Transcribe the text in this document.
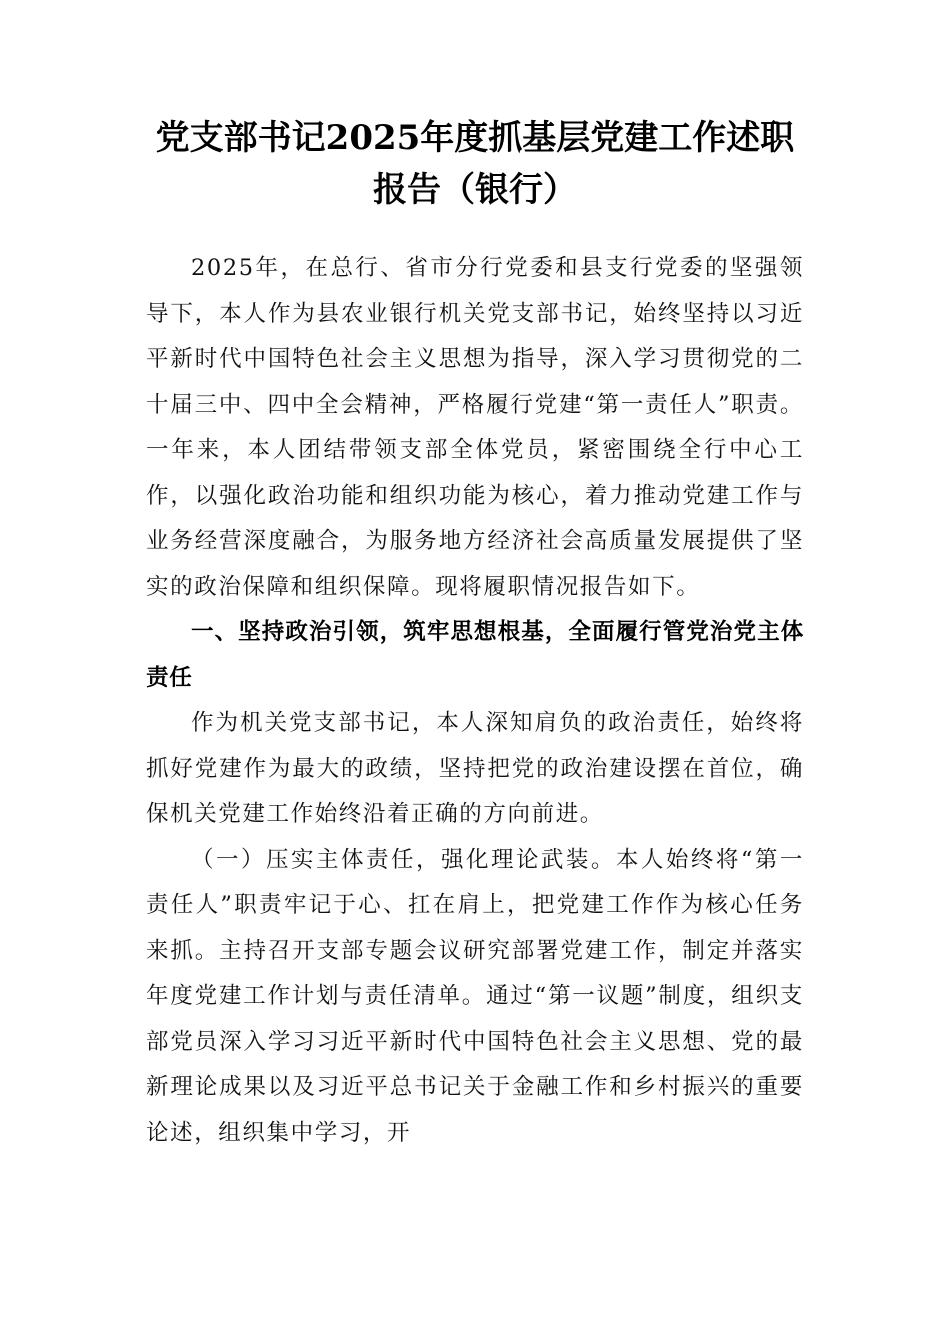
党支部书记2025年度抓基层党建工作述职报告（银行）

2025年，在总行、省市分行党委和县支行党委的坚强领导下，本人作为县农业银行机关党支部书记，始终坚持以习近平新时代中国特色社会主义思想为指导，深入学习贯彻党的二十届三中、四中全会精神，严格履行党建“第一责任人”职责。一年来，本人团结带领支部全体党员，紧密围绕全行中心工作，以强化政治功能和组织功能为核心，着力推动党建工作与业务经营深度融合，为服务地方经济社会高质量发展提供了坚实的政治保障和组织保障。现将履职情况报告如下。

一、坚持政治引领，筑牢思想根基，全面履行管党治党主体责任

作为机关党支部书记，本人深知肩负的政治责任，始终将抓好党建作为最大的政绩，坚持把党的政治建设摆在首位，确保机关党建工作始终沿着正确的方向前进。

（一）压实主体责任，强化理论武装。本人始终将“第一责任人”职责牢记于心、扛在肩上，把党建工作作为核心任务来抓。主持召开支部专题会议研究部署党建工作，制定并落实年度党建工作计划与责任清单。通过“第一议题”制度，组织支部党员深入学习习近平新时代中国特色社会主义思想、党的最新理论成果以及习近平总书记关于金融工作和乡村振兴的重要论述，组织集中学习，开
